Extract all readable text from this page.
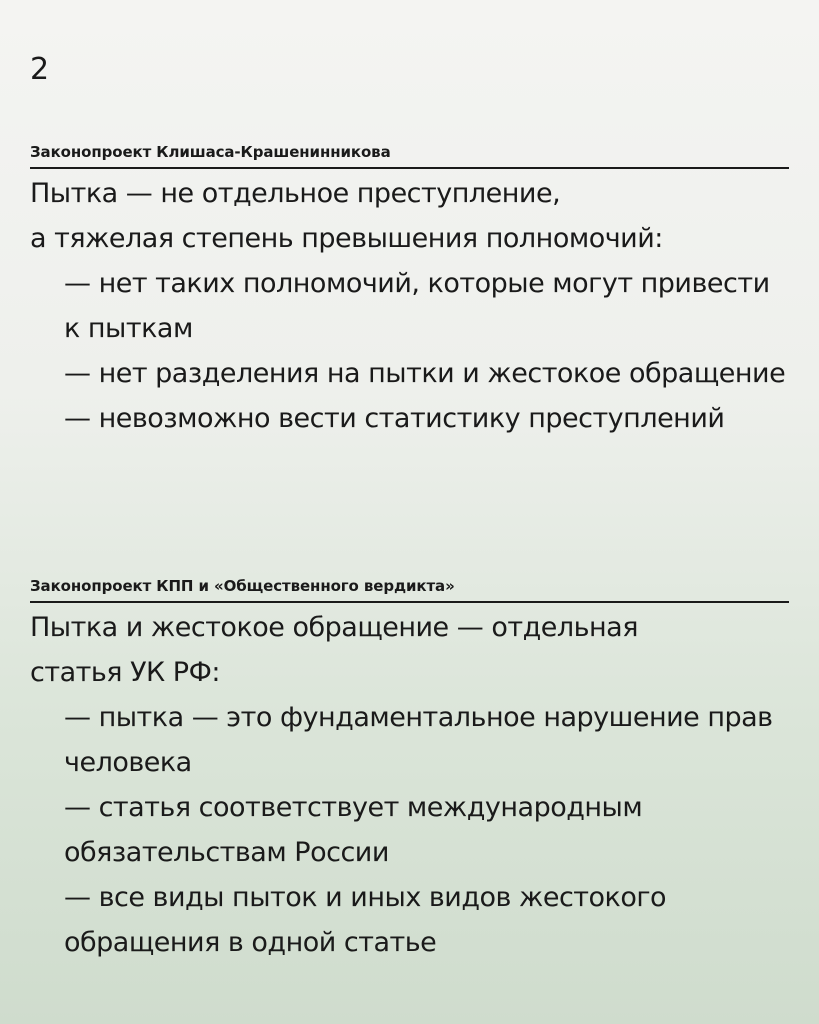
2
Законопроект Клишаса-Крашенинникова

Пытка — не отдельное преступление,

а тяжелая степень превышения полномочий:

— нет таких полномочий, которые могут привести к пыткам
— нет разделения на пытки и жестокое обращение
— невозможно вести статистику преступлений
Законопроект КПП и «Общественного вердикта»

Пытка и жестокое обращение — отдельная

статья УК РФ:

— пытка — это фундаментальное нарушение прав человека
— статья соответствует международным обязательствам России
— все виды пыток и иных видов жестокого обращения в одной статье
